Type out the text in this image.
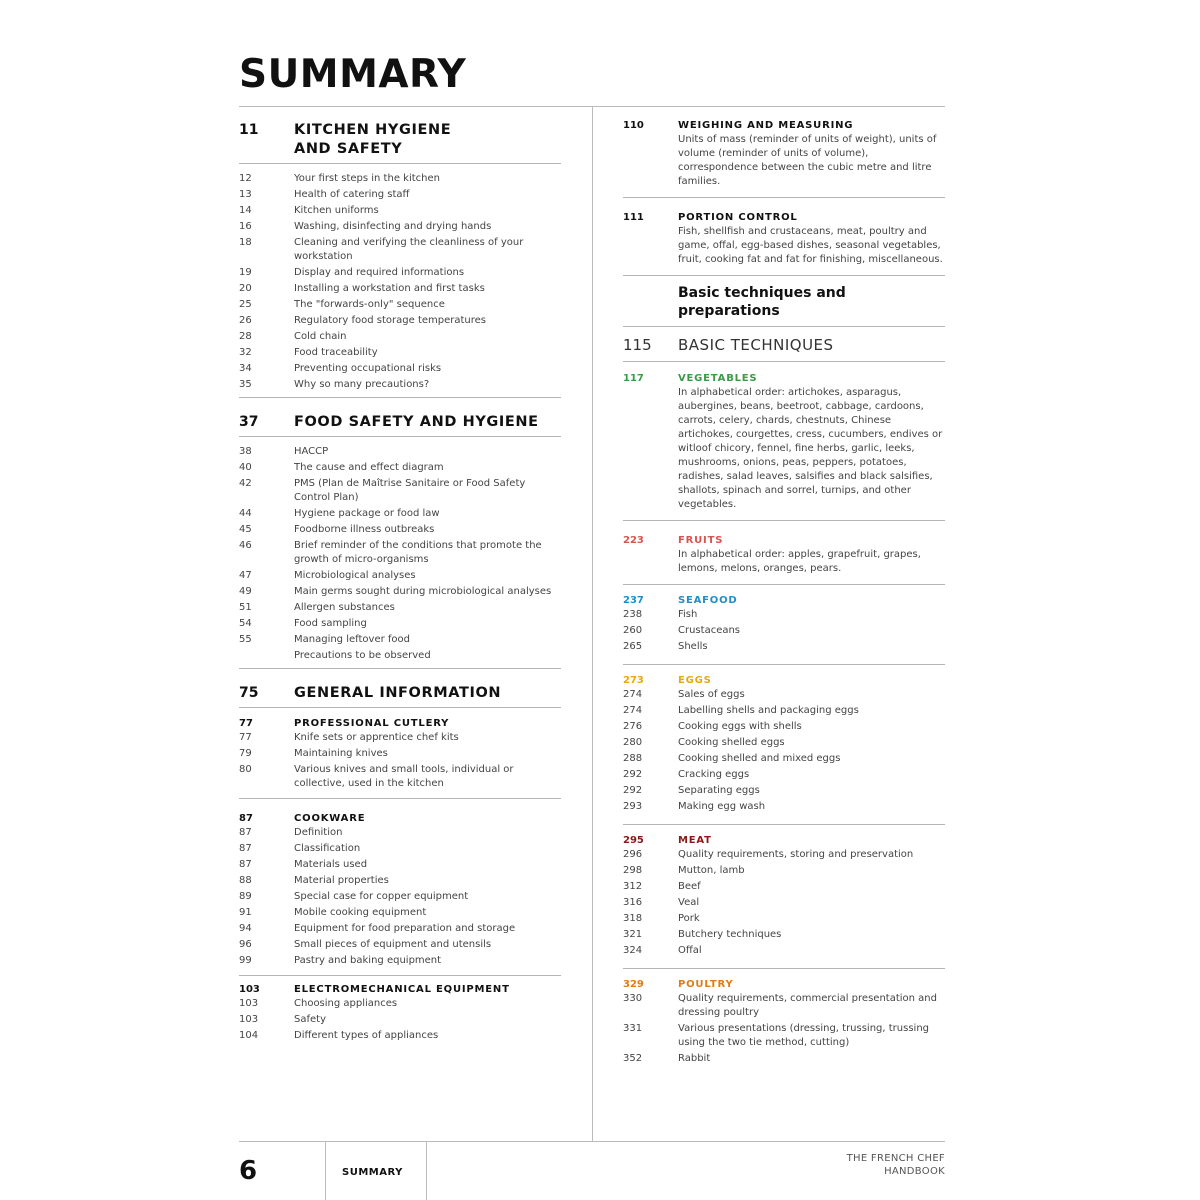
SUMMARY
11	KITCHEN HYGIENE
AND SAFETY
12	Your first steps in the kitchen
13	Health of catering staff
14	Kitchen uniforms
16	Washing, disinfecting and drying hands
18	Cleaning and verifying the cleanliness of your workstation
19	Display and required informations
20	Installing a workstation and first tasks
25	The "forwards-only" sequence
26	Regulatory food storage temperatures
28	Cold chain
32	Food traceability
34	Preventing occupational risks
35	Why so many precautions?
37	FOOD SAFETY AND HYGIENE
38	HACCP
40	The cause and effect diagram
42	PMS (Plan de Maîtrise Sanitaire or Food Safety Control Plan)
44	Hygiene package or food law
45	Foodborne illness outbreaks
46	Brief reminder of the conditions that promote the growth of micro-organisms
47	Microbiological analyses
49	Main germs sought during microbiological analyses
51	Allergen substances
54	Food sampling
55	Managing leftover food
Precautions to be observed
75	GENERAL INFORMATION
77	PROFESSIONAL CUTLERY
77	Knife sets or apprentice chef kits
79	Maintaining knives
80	Various knives and small tools, individual or collective, used in the kitchen
87	COOKWARE
87	Definition
87	Classification
87	Materials used
88	Material properties
89	Special case for copper equipment
91	Mobile cooking equipment
94	Equipment for food preparation and storage
96	Small pieces of equipment and utensils
99	Pastry and baking equipment
103	ELECTROMECHANICAL EQUIPMENT
103	Choosing appliances
103	Safety
104	Different types of appliances
110	WEIGHING AND MEASURING
Units of mass (reminder of units of weight), units of volume (reminder of units of volume), correspondence between the cubic metre and litre families.
111	PORTION CONTROL
Fish, shellfish and crustaceans, meat, poultry and game, offal, egg-based dishes, seasonal vegetables, fruit, cooking fat and fat for finishing, miscellaneous.
Basic techniques and preparations
115	BASIC TECHNIQUES
117	VEGETABLES
In alphabetical order: artichokes, asparagus, aubergines, beans, beetroot, cabbage, cardoons, carrots, celery, chards, chestnuts, Chinese artichokes, courgettes, cress, cucumbers, endives or witloof chicory, fennel, fine herbs, garlic, leeks, mushrooms, onions, peas, peppers, potatoes, radishes, salad leaves, salsifies and black salsifies, shallots, spinach and sorrel, turnips, and other vegetables.
223	FRUITS
In alphabetical order: apples, grapefruit, grapes, lemons, melons, oranges, pears.
237	SEAFOOD
238	Fish
260	Crustaceans
265	Shells
273	EGGS
274	Sales of eggs
274	Labelling shells and packaging eggs
276	Cooking eggs with shells
280	Cooking shelled eggs
288	Cooking shelled and mixed eggs
292	Cracking eggs
292	Separating eggs
293	Making egg wash
295	MEAT
296	Quality requirements, storing and preservation
298	Mutton, lamb
312	Beef
316	Veal
318	Pork
321	Butchery techniques
324	Offal
329	POULTRY
330	Quality requirements, commercial presentation and dressing poultry
331	Various presentations (dressing, trussing, trussing using the two tie method, cutting)
352	Rabbit
6	SUMMARY
THE FRENCH CHEF
HANDBOOK
